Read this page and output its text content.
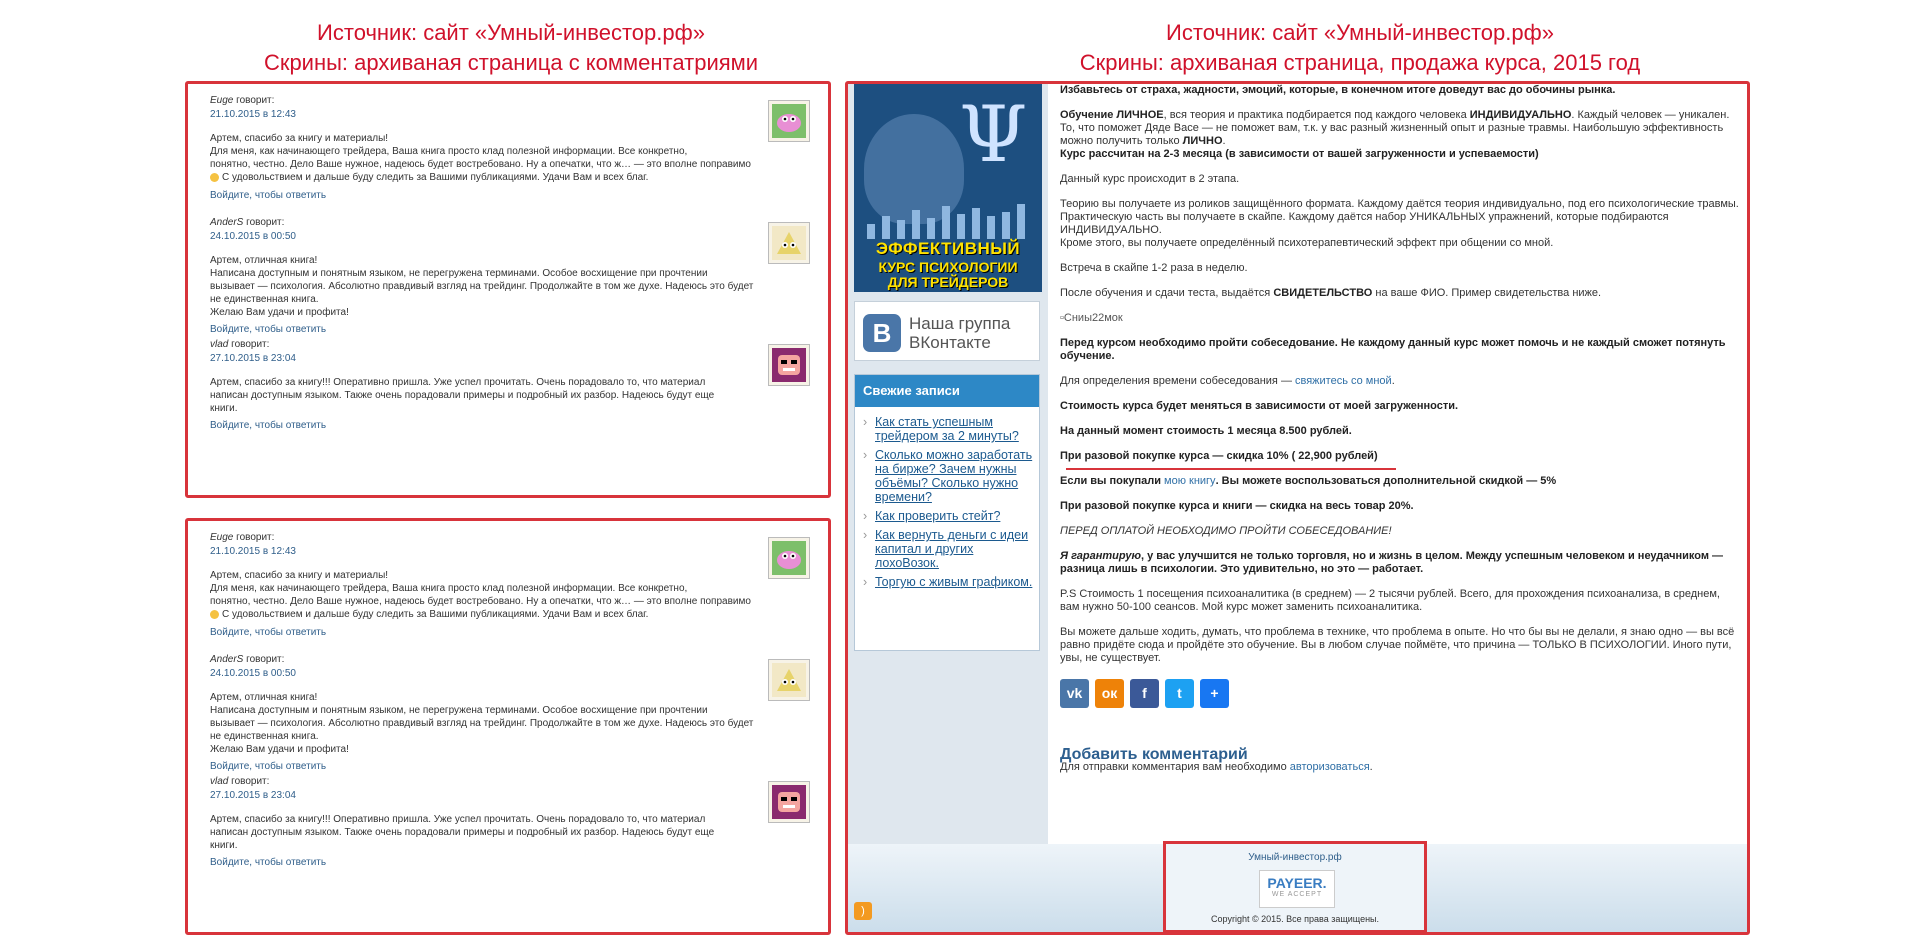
Источник: сайт «Умный-инвестор.рф»
Скрины: архиваная страница с комментатриями
Источник: сайт «Умный-инвестор.рф»
Скрины: архиваная страница, продажа курса, 2015 год
Euge говорит:
21.10.2015 в 12:43
Артем, спасибо за книгу и материалы!
Для меня, как начинающего трейдера, Ваша книга просто клад полезной информации. Все конкретно,
понятно, честно. Дело Ваше нужное, надеюсь будет востребовано. Ну а опечатки, что ж… — это вполне поправимо
С удовольствием и дальше буду следить за Вашими публикациями. Удачи Вам и всех благ.
Войдите, чтобы ответить
AnderS говорит:
24.10.2015 в 00:50
Артем, отличная книга!
Написана доступным и понятным языком, не перегружена терминами. Особое восхищение при прочтении
вызывает — психология. Абсолютно правдивый взгляд на трейдинг. Продолжайте в том же духе. Надеюсь это будет
не единственная книга.
Желаю Вам удачи и профита!
Войдите, чтобы ответить
vlad говорит:
27.10.2015 в 23:04
Артем, спасибо за книгу!!! Оперативно пришла. Уже успел прочитать. Очень порадовало то, что материал
написан доступным языком. Также очень порадовали примеры и подробный их разбор. Надеюсь будут еще
книги.
Войдите, чтобы ответить
Euge говорит:
21.10.2015 в 12:43
Артем, спасибо за книгу и материалы!
Для меня, как начинающего трейдера, Ваша книга просто клад полезной информации. Все конкретно,
понятно, честно. Дело Ваше нужное, надеюсь будет востребовано. Ну а опечатки, что ж… — это вполне поправимо
С удовольствием и дальше буду следить за Вашими публикациями. Удачи Вам и всех благ.
Войдите, чтобы ответить
AnderS говорит:
24.10.2015 в 00:50
Артем, отличная книга!
Написана доступным и понятным языком, не перегружена терминами. Особое восхищение при прочтении
вызывает — психология. Абсолютно правдивый взгляд на трейдинг. Продолжайте в том же духе. Надеюсь это будет
не единственная книга.
Желаю Вам удачи и профита!
Войдите, чтобы ответить
vlad говорит:
27.10.2015 в 23:04
Артем, спасибо за книгу!!! Оперативно пришла. Уже успел прочитать. Очень порадовало то, что материал
написан доступным языком. Также очень порадовали примеры и подробный их разбор. Надеюсь будут еще
книги.
Войдите, чтобы ответить
Ψ
ЭФФЕКТИВНЫЙ
КУРС ПСИХОЛОГИИ
ДЛЯ ТРЕЙДЕРОВ
B	Наша группа
ВКонтакте
Свежие записи
› Как стать успешным трейдером за 2 минуты?
› Сколько можно заработать на бирже? Зачем нужны объёмы? Сколько нужно времени?
› Как проверить стейт?
› Как вернуть деньги с идеи капитал и других лохоВозок.
› Торгую с живым графиком.

Избавьтесь от страха, жадности, эмоций, которые, в конечном итоге доведут вас до обочины рынка.

Обучение ЛИЧНОЕ, вся теория и практика подбирается под каждого человека ИНДИВИДУАЛЬНО. Каждый человек — уникален. То, что поможет Дяде Васе — не поможет вам, т.к. у вас разный жизненный опыт и разные травмы. Наибольшую эффективность можно получить только ЛИЧНО.
Курс рассчитан на 2-3 месяца (в зависимости от вашей загруженности и успеваемости)

Данный курс происходит в 2 этапа.

Теорию вы получаете из роликов защищённого формата. Каждому даётся теория индивидуально, под его психологические травмы.
Практическую часть вы получаете в скайпе. Каждому даётся набор УНИКАЛЬНЫХ упражнений, которые подбираются ИНДИВИДУАЛЬНО.
Кроме этого, вы получаете определённый психотерапевтический эффект при общении со мной.

Встреча в скайпе 1-2 раза в неделю.

После обучения и сдачи теста, выдаётся СВИДЕТЕЛЬСТВО на ваше ФИО. Пример свидетельства ниже.

▫Сниы22мок

Перед курсом необходимо пройти собеседование. Не каждому данный курс может помочь и не каждый сможет потянуть обучение.

Для определения времени собеседования — свяжитесь со мной.

Стоимость курса будет меняться в зависимости от моей загруженности.

На данный момент стоимость 1 месяца 8.500 рублей.

При разовой покупке курса — скидка 10% ( 22,900 рублей)

Если вы покупали мою книгу. Вы можете воспользоваться дополнительной скидкой — 5%

При разовой покупке курса и книги — скидка на весь товар 20%.

ПЕРЕД ОПЛАТОЙ НЕОБХОДИМО ПРОЙТИ СОБЕСЕДОВАНИЕ!

Я гарантирую, у вас улучшится не только торговля, но и жизнь в целом. Между успешным человеком и неудачником — разница лишь в психологии. Это удивительно, но это — работает.

P.S Стоимость 1 посещения психоаналитика (в среднем) — 2 тысячи рублей. Всего, для прохождения психоанализа, в среднем, вам нужно 50-100 сеансов. Мой курс может заменить психоаналитика.

Вы можете дальше ходить, думать, что проблема в технике, что проблема в опыте. Но что бы вы не делали, я знаю одно — вы всё равно придёте сюда и пройдёте это обучение. Вы в любом случае поймёте, что причина — ТОЛЬКО В ПСИХОЛОГИИ. Иного пути, увы, не существует.

vk	ок	f	t	+
Добавить комментарий
Для отправки комментария вам необходимо авторизоваться.
Умный-инвестор.рф
PAYEER.
WE ACCEPT
Copyright © 2015. Все права защищены.
)
